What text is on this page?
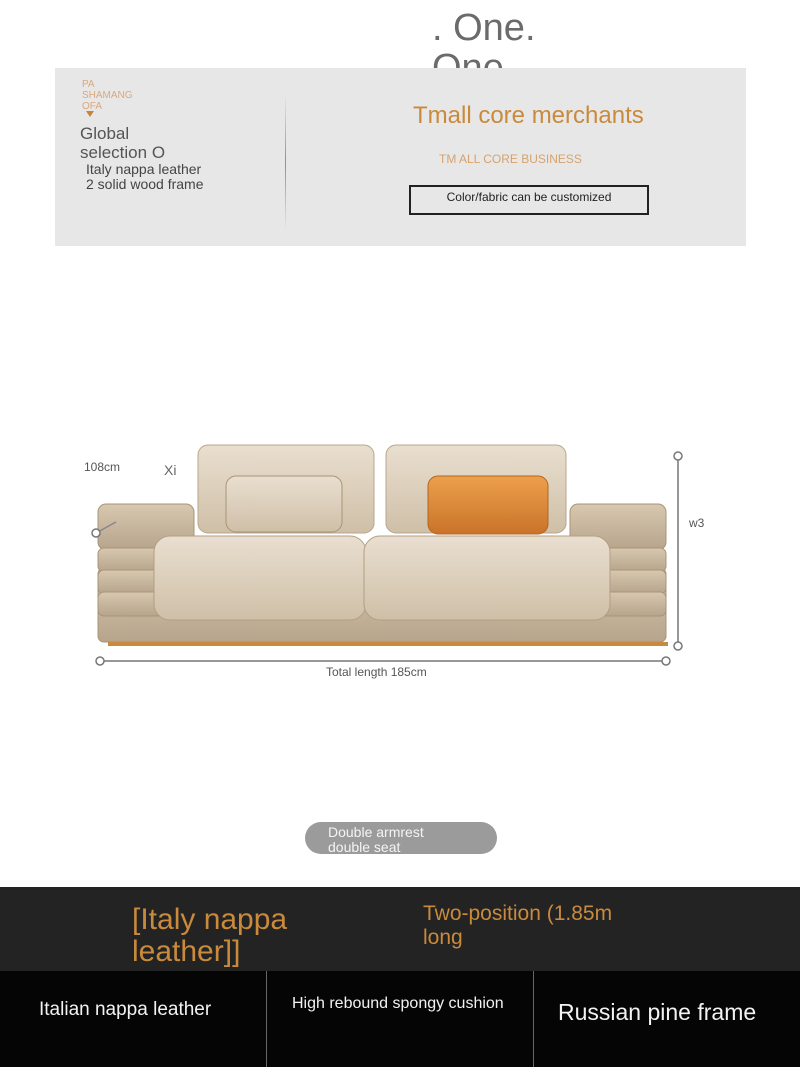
. One.

PA
SHAMANG
OFA
Global
selection O
Italy nappa leather
2 solid wood frame
Tmall core merchants
TM ALL CORE BUSINESS
Color/fabric can be customized
108cm	Xi
w3
Total length 185cm
Double armrest
double seat
[Italy nappa
leather]]
Two-position (1.85m
long
Italian nappa leather	High rebound spongy cushion Russian pine frame
